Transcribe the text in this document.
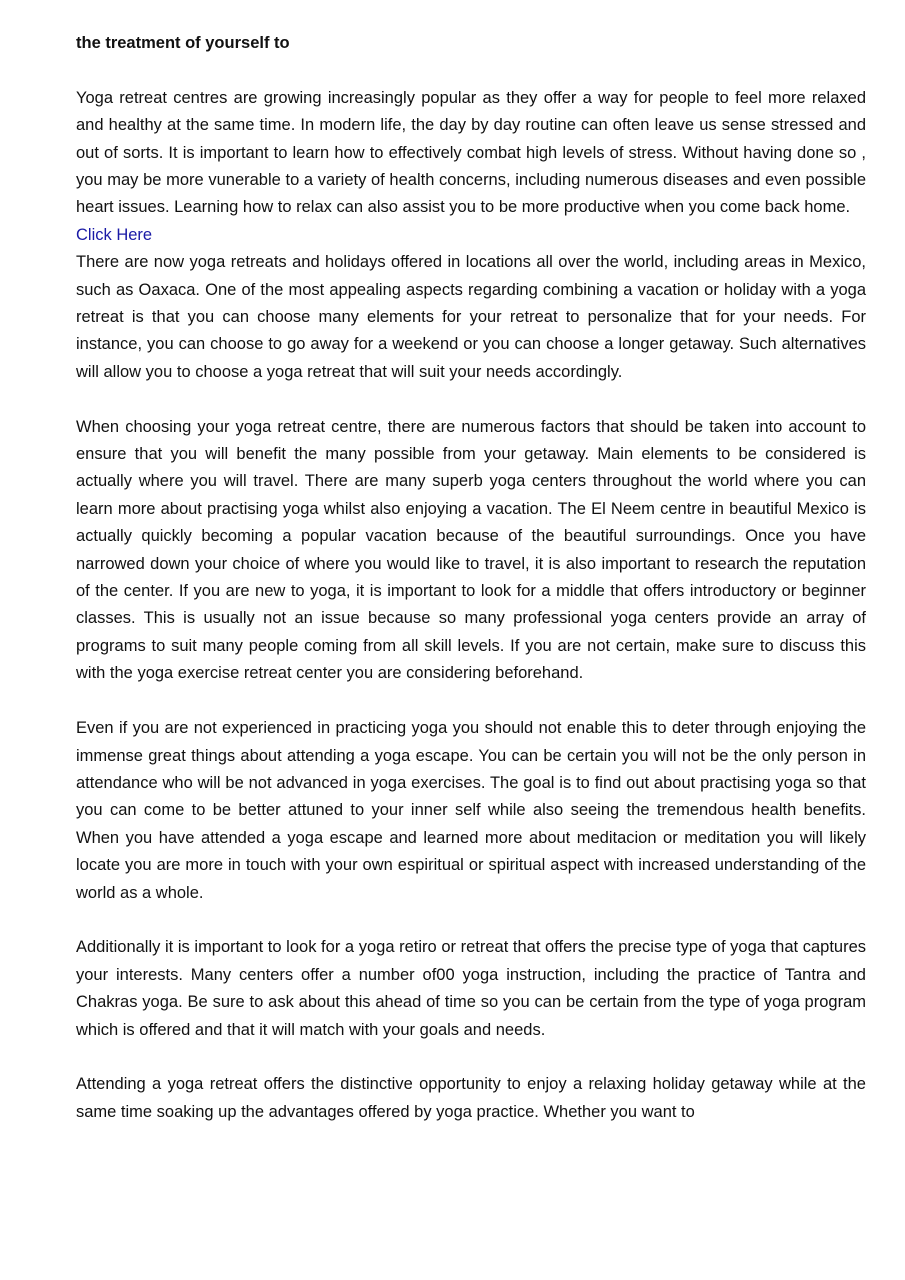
the treatment of yourself to

Yoga retreat centres are growing increasingly popular as they offer a way for people to feel more relaxed and healthy at the same time. In modern life, the day by day routine can often leave us sense stressed and out of sorts. It is important to learn how to effectively combat high levels of stress. Without having done so , you may be more vunerable to a variety of health concerns, including numerous diseases and even possible heart issues. Learning how to relax can also assist you to be more productive when you come back home.

Click Here

There are now yoga retreats and holidays offered in locations all over the world, including areas in Mexico, such as Oaxaca. One of the most appealing aspects regarding combining a vacation or holiday with a yoga retreat is that you can choose many elements for your retreat to personalize that for your needs. For instance, you can choose to go away for a weekend or you can choose a longer getaway. Such alternatives will allow you to choose a yoga retreat that will suit your needs accordingly.

When choosing your yoga retreat centre, there are numerous factors that should be taken into account to ensure that you will benefit the many possible from your getaway. Main elements to be considered is actually where you will travel. There are many superb yoga centers throughout the world where you can learn more about practising yoga whilst also enjoying a vacation. The El Neem centre in beautiful Mexico is actually quickly becoming a popular vacation because of the beautiful surroundings. Once you have narrowed down your choice of where you would like to travel, it is also important to research the reputation of the center. If you are new to yoga, it is important to look for a middle that offers introductory or beginner classes. This is usually not an issue because so many professional yoga centers provide an array of programs to suit many people coming from all skill levels. If you are not certain, make sure to discuss this with the yoga exercise retreat center you are considering beforehand.

Even if you are not experienced in practicing yoga you should not enable this to deter through enjoying the immense great things about attending a yoga escape. You can be certain you will not be the only person in attendance who will be not advanced in yoga exercises. The goal is to find out about practising yoga so that you can come to be better attuned to your inner self while also seeing the tremendous health benefits. When you have attended a yoga escape and learned more about meditacion or meditation you will likely locate you are more in touch with your own espiritual or spiritual aspect with increased understanding of the world as a whole.

Additionally it is important to look for a yoga retiro or retreat that offers the precise type of yoga that captures your interests. Many centers offer a number of00 yoga instruction, including the practice of Tantra and Chakras yoga. Be sure to ask about this ahead of time so you can be certain from the type of yoga program which is offered and that it will match with your goals and needs.

Attending a yoga retreat offers the distinctive opportunity to enjoy a relaxing holiday getaway while at the same time soaking up the advantages offered by yoga practice. Whether you want to
